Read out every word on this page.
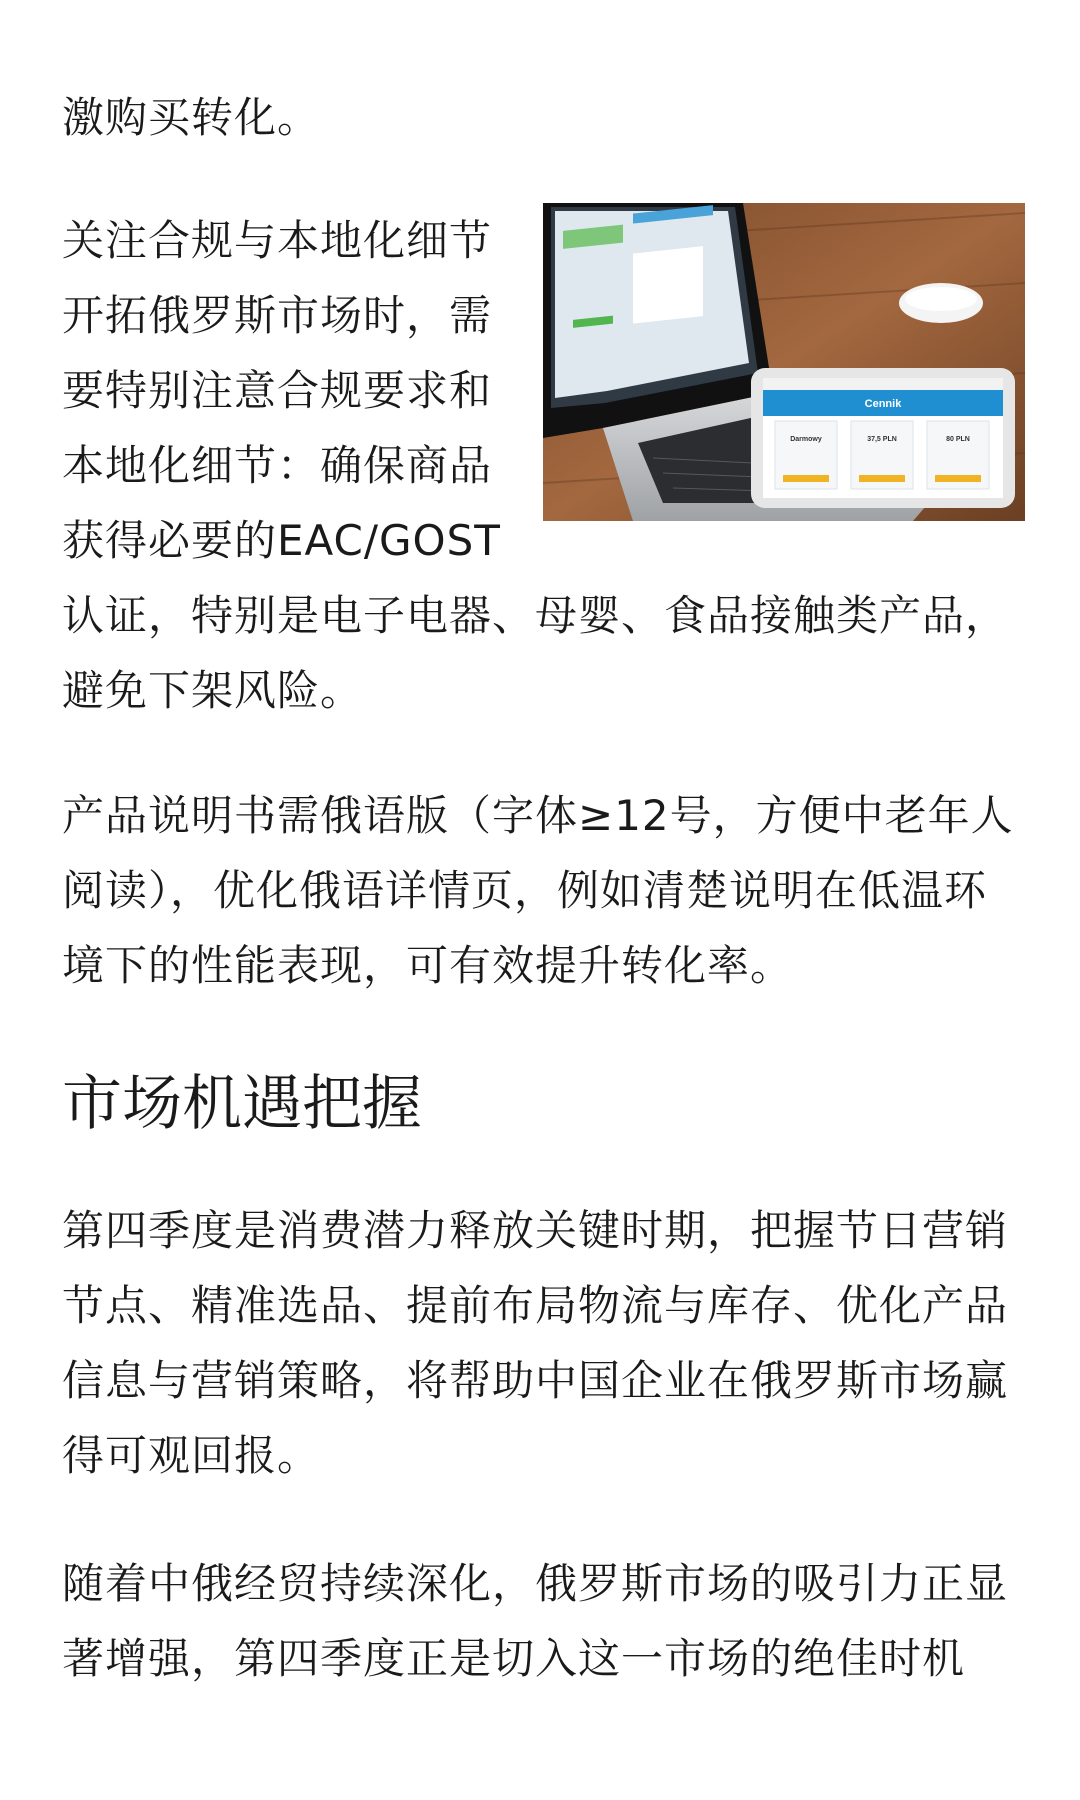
激购买转化。

关注合规与本地化细节
开拓俄罗斯市场时，需
要特别注意合规要求和
本地化细节：确保商品
获得必要的EAC/GOST
认证，特别是电子电器、母婴、食品接触类产品，
避免下架风险。
Cennik
Darmowy	37,5 PLN	80 PLN
产品说明书需俄语版（字体≥12号，方便中老年人
阅读），优化俄语详情页，例如清楚说明在低温环
境下的性能表现，可有效提升转化率。
市场机遇把握
第四季度是消费潜力释放关键时期，把握节日营销
节点、精准选品、提前布局物流与库存、优化产品
信息与营销策略，将帮助中国企业在俄罗斯市场赢
得可观回报。
随着中俄经贸持续深化，俄罗斯市场的吸引力正显
著增强，第四季度正是切入这一市场的绝佳时机
